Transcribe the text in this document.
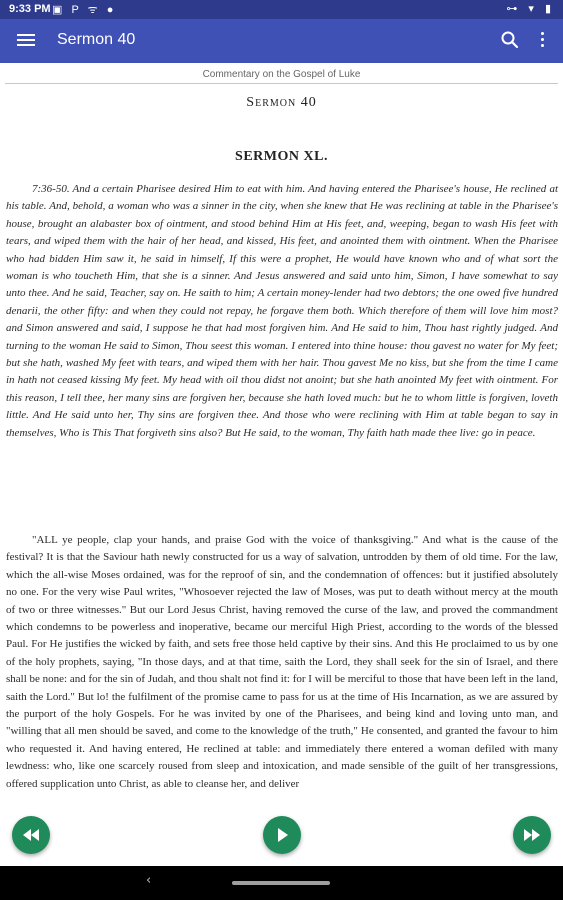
9:33 PM ▣ P ᯤ ●	⊶ ▾ ▮
Sermon 40
Commentary on the Gospel of Luke
Sermon 40
SERMON XL.

7:36-50. And a certain Pharisee desired Him to eat with him. And having entered the Pharisee's house, He reclined at his table. And, behold, a woman who was a sinner in the city, when she knew that He was reclining at table in the Pharisee's house, brought an alabaster box of ointment, and stood behind Him at His feet, and, weeping, began to wash His feet with tears, and wiped them with the hair of her head, and kissed, His feet, and anointed them with ointment. When the Pharisee who had bidden Him saw it, he said in himself, If this were a prophet, He would have known who and of what sort the woman is who toucheth Him, that she is a sinner. And Jesus answered and said unto him, Simon, I have somewhat to say unto thee. And he said, Teacher, say on. He saith to him; A certain money-lender had two debtors; the one owed five hundred denarii, the other fifty: and when they could not repay, he forgave them both. Which therefore of them will love him most? and Simon answered and said, I suppose he that had most forgiven him. And He said to him, Thou hast rightly judged. And turning to the woman He said to Simon, Thou seest this woman. I entered into thine house: thou gavest no water for My feet; but she hath, washed My feet with tears, and wiped them with her hair. Thou gavest Me no kiss, but she from the time I came in hath not ceased kissing My feet. My head with oil thou didst not anoint; but she hath anointed My feet with ointment. For this reason, I tell thee, her many sins are forgiven her, because she hath loved much: but he to whom little is forgiven, loveth little. And He said unto her, Thy sins are forgiven thee. And those who were reclining with Him at table began to say in themselves, Who is This That forgiveth sins also? But He said, to the woman, Thy faith hath made thee live: go in peace.

"ALL ye people, clap your hands, and praise God with the voice of thanksgiving." And what is the cause of the festival? It is that the Saviour hath newly constructed for us a way of salvation, untrodden by them of old time. For the law, which the all-wise Moses ordained, was for the reproof of sin, and the condemnation of offences: but it justified absolutely no one. For the very wise Paul writes, "Whosoever rejected the law of Moses, was put to death without mercy at the mouth of two or three witnesses." But our Lord Jesus Christ, having removed the curse of the law, and proved the commandment which condemns to be powerless and inoperative, became our merciful High Priest, according to the words of the blessed Paul. For He justifies the wicked by faith, and sets free those held captive by their sins. And this He proclaimed to us by one of the holy prophets, saying, "In those days, and at that time, saith the Lord, they shall seek for the sin of Israel, and there shall be none: and for the sin of Judah, and thou shalt not find it: for I will be merciful to those that have been left in the land, saith the Lord." But lo! the fulfilment of the promise came to pass for us at the time of His Incarnation, as we are assured by the purport of the holy Gospels. For he was invited by one of the Pharisees, and being kind and loving unto man, and "willing that all men should be saved, and come to the knowledge of the truth," He consented, and granted the favour to him who requested it. And having entered, He reclined at table: and immediately there entered a woman defiled with many lewdness: who, like one scarcely roused from sleep and intoxication, and made sensible of the guilt of her transgressions, offered supplication unto Christ, as able to cleanse her, and deliver

‹
